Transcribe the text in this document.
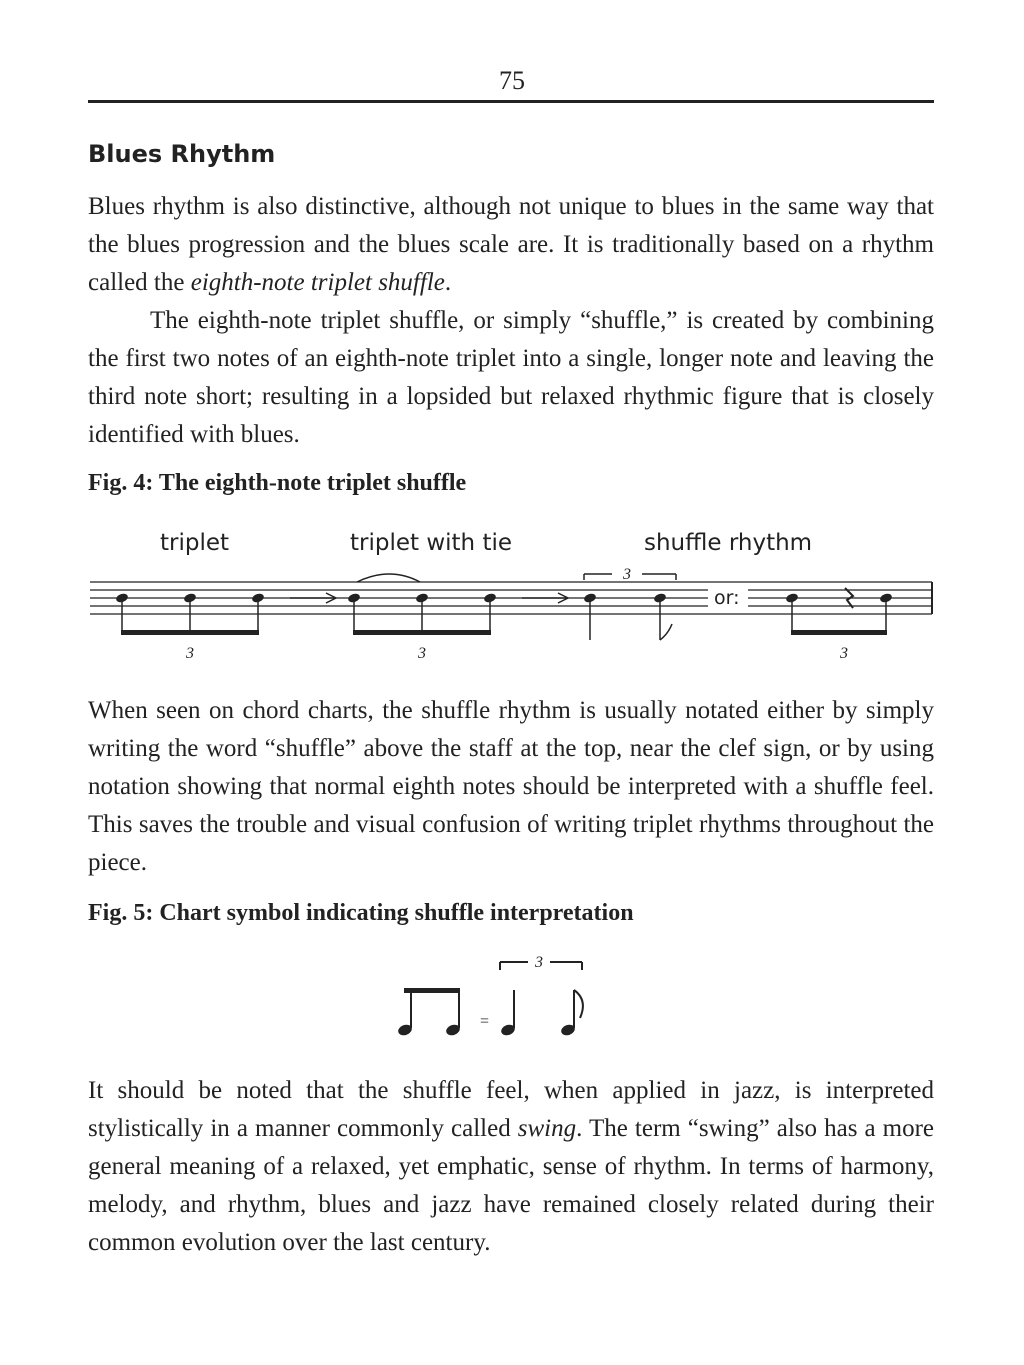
75
Blues Rhythm

Blues rhythm is also distinctive, although not unique to blues in the same way that the blues progression and the blues scale are. It is traditionally based on a rhythm called the eighth-note triplet shuffle.

The eighth-note triplet shuffle, or simply “shuffle,” is created by combining the first two notes of an eighth-note triplet into a single, longer note and leaving the third note short; resulting in a lopsided but relaxed rhythmic figure that is closely identified with blues.

Fig. 4: The eighth-note triplet shuffle
triplet	triplet with tie	shuffle rhythm
3	3
3
3
or:

When seen on chord charts, the shuffle rhythm is usually notated either by simply writing the word “shuffle” above the staff at the top, near the clef sign, or by using notation showing that normal eighth notes should be interpreted with a shuffle feel. This saves the trouble and visual confusion of writing triplet rhythms throughout the piece.

Fig. 5: Chart symbol indicating shuffle interpretation
=
3

It should be noted that the shuffle feel, when applied in jazz, is interpreted stylistically in a manner commonly called swing. The term “swing” also has a more general meaning of a relaxed, yet emphatic, sense of rhythm. In terms of harmony, melody, and rhythm, blues and jazz have remained closely related during their common evolution over the last century.
